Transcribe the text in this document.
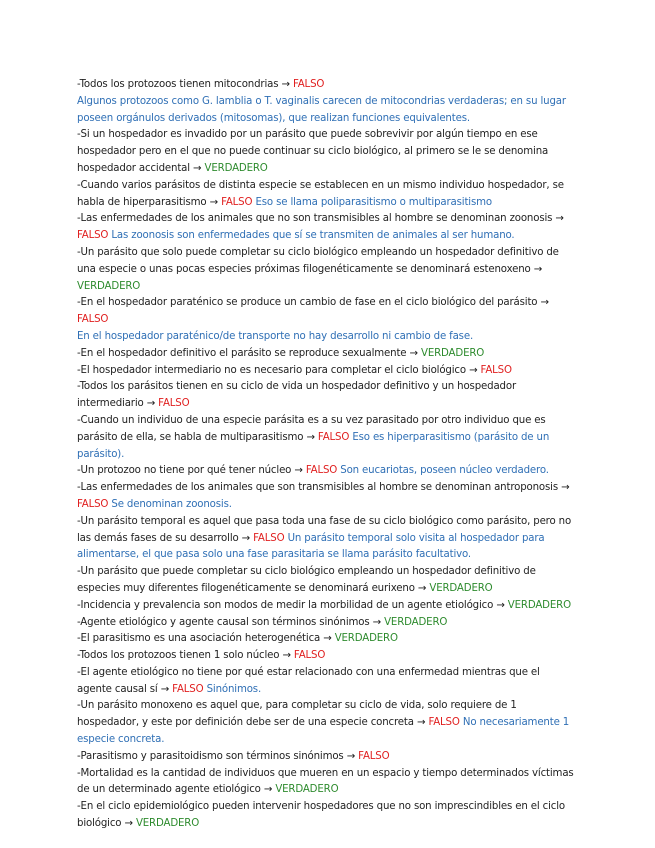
-Todos los protozoos tienen mitocondrias → FALSO

Algunos protozoos como G. lamblia o T. vaginalis carecen de mitocondrias verdaderas; en su lugar poseen orgánulos derivados (mitosomas), que realizan funciones equivalentes.

-Si un hospedador es invadido por un parásito que puede sobrevivir por algún tiempo en ese hospedador pero en el que no puede continuar su ciclo biológico, al primero se le se denomina hospedador accidental → VERDADERO

-Cuando varios parásitos de distinta especie se establecen en un mismo individuo hospedador, se habla de hiperparasitismo → FALSO Eso se llama poliparasitismo o multiparasitismo

-Las enfermedades de los animales que no son transmisibles al hombre se denominan zoonosis → FALSO Las zoonosis son enfermedades que sí se transmiten de animales al ser humano.

-Un parásito que solo puede completar su ciclo biológico empleando un hospedador definitivo de una especie o unas pocas especies próximas filogenéticamente se denominará estenoxeno → VERDADERO

-En el hospedador paraténico se produce un cambio de fase en el ciclo biológico del parásito → FALSO
En el hospedador paraténico/de transporte no hay desarrollo ni cambio de fase.

-En el hospedador definitivo el parásito se reproduce sexualmente → VERDADERO

-El hospedador intermediario no es necesario para completar el ciclo biológico → FALSO

-Todos los parásitos tienen en su ciclo de vida un hospedador definitivo y un hospedador intermediario → FALSO

-Cuando un individuo de una especie parásita es a su vez parasitado por otro individuo que es parásito de ella, se habla de multiparasitismo → FALSO Eso es hiperparasitismo (parásito de un parásito).

-Un protozoo no tiene por qué tener núcleo → FALSO Son eucariotas, poseen núcleo verdadero.

-Las enfermedades de los animales que son transmisibles al hombre se denominan antroponosis → FALSO Se denominan zoonosis.

-Un parásito temporal es aquel que pasa toda una fase de su ciclo biológico como parásito, pero no las demás fases de su desarrollo → FALSO Un parásito temporal solo visita al hospedador para alimentarse, el que pasa solo una fase parasitaria se llama parásito facultativo.

-Un parásito que puede completar su ciclo biológico empleando un hospedador definitivo de especies muy diferentes filogenéticamente se denominará eurixeno → VERDADERO

-Incidencia y prevalencia son modos de medir la morbilidad de un agente etiológico → VERDADERO

-Agente etiológico y agente causal son términos sinónimos → VERDADERO

-El parasitismo es una asociación heterogenética → VERDADERO

-Todos los protozoos tienen 1 solo núcleo → FALSO

-El agente etiológico no tiene por qué estar relacionado con una enfermedad mientras que el agente causal sí → FALSO Sinónimos.

-Un parásito monoxeno es aquel que, para completar su ciclo de vida, solo requiere de 1 hospedador, y este por definición debe ser de una especie concreta → FALSO No necesariamente 1 especie concreta.

-Parasitismo y parasitoidismo son términos sinónimos → FALSO

-Mortalidad es la cantidad de individuos que mueren en un espacio y tiempo determinados víctimas de un determinado agente etiológico → VERDADERO

-En el ciclo epidemiológico pueden intervenir hospedadores que no son imprescindibles en el ciclo biológico → VERDADERO
